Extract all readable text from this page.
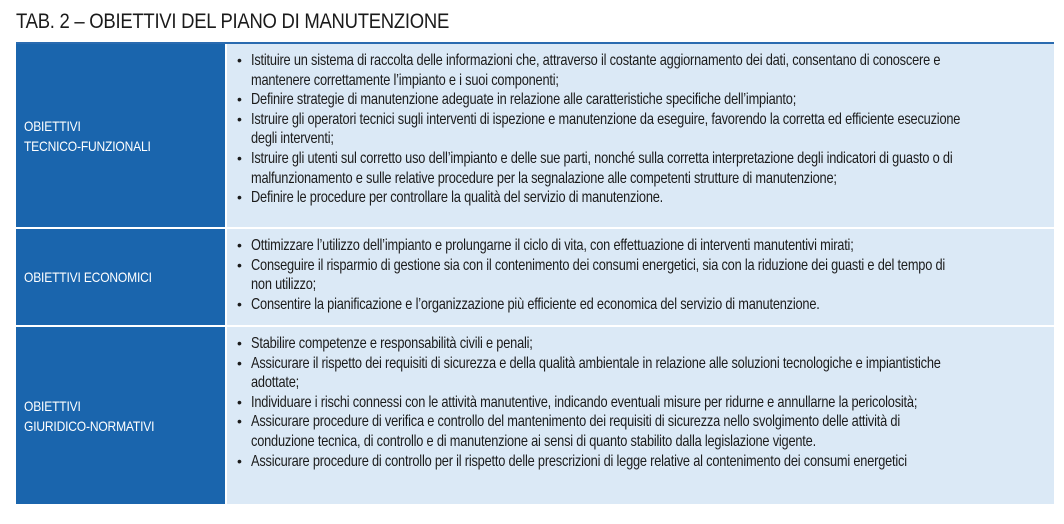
TAB. 2 – OBIETTIVI DEL PIANO DI MANUTENZIONE
OBIETTIVI
TECNICO-FUNZIONALI
• Istituire un sistema di raccolta delle informazioni che, attraverso il costante aggiornamento dei dati, consentano di conoscere e mantenere correttamente l’impianto e i suoi componenti;
• Definire strategie di manutenzione adeguate in relazione alle caratteristiche specifiche dell’impianto;
• Istruire gli operatori tecnici sugli interventi di ispezione e manutenzione da eseguire, favorendo la corretta ed efficiente esecuzione degli interventi;
• Istruire gli utenti sul corretto uso dell’impianto e delle sue parti, nonché sulla corretta interpretazione degli indicatori di guasto o di malfunzionamento e sulle relative procedure per la segnalazione alle competenti strutture di manutenzione;
• Definire le procedure per controllare la qualità del servizio di manutenzione.
OBIETTIVI ECONOMICI
• Ottimizzare l’utilizzo dell’impianto e prolungarne il ciclo di vita, con effettuazione di interventi manutentivi mirati;
• Conseguire il risparmio di gestione sia con il contenimento dei consumi energetici, sia con la riduzione dei guasti e del tempo di non utilizzo;
• Consentire la pianificazione e l’organizzazione più efficiente ed economica del servizio di manutenzione.
OBIETTIVI
GIURIDICO-NORMATIVI
• Stabilire competenze e responsabilità civili e penali;
• Assicurare il rispetto dei requisiti di sicurezza e della qualità ambientale in relazione alle soluzioni tecnologiche e impiantistiche adottate;
• Individuare i rischi connessi con le attività manutentive, indicando eventuali misure per ridurne e annullarne la pericolosità;
• Assicurare procedure di verifica e controllo del mantenimento dei requisiti di sicurezza nello svolgimento delle attività di conduzione tecnica, di controllo e di manutenzione ai sensi di quanto stabilito dalla legislazione vigente.
• Assicurare procedure di controllo per il rispetto delle prescrizioni di legge relative al contenimento dei consumi energetici
